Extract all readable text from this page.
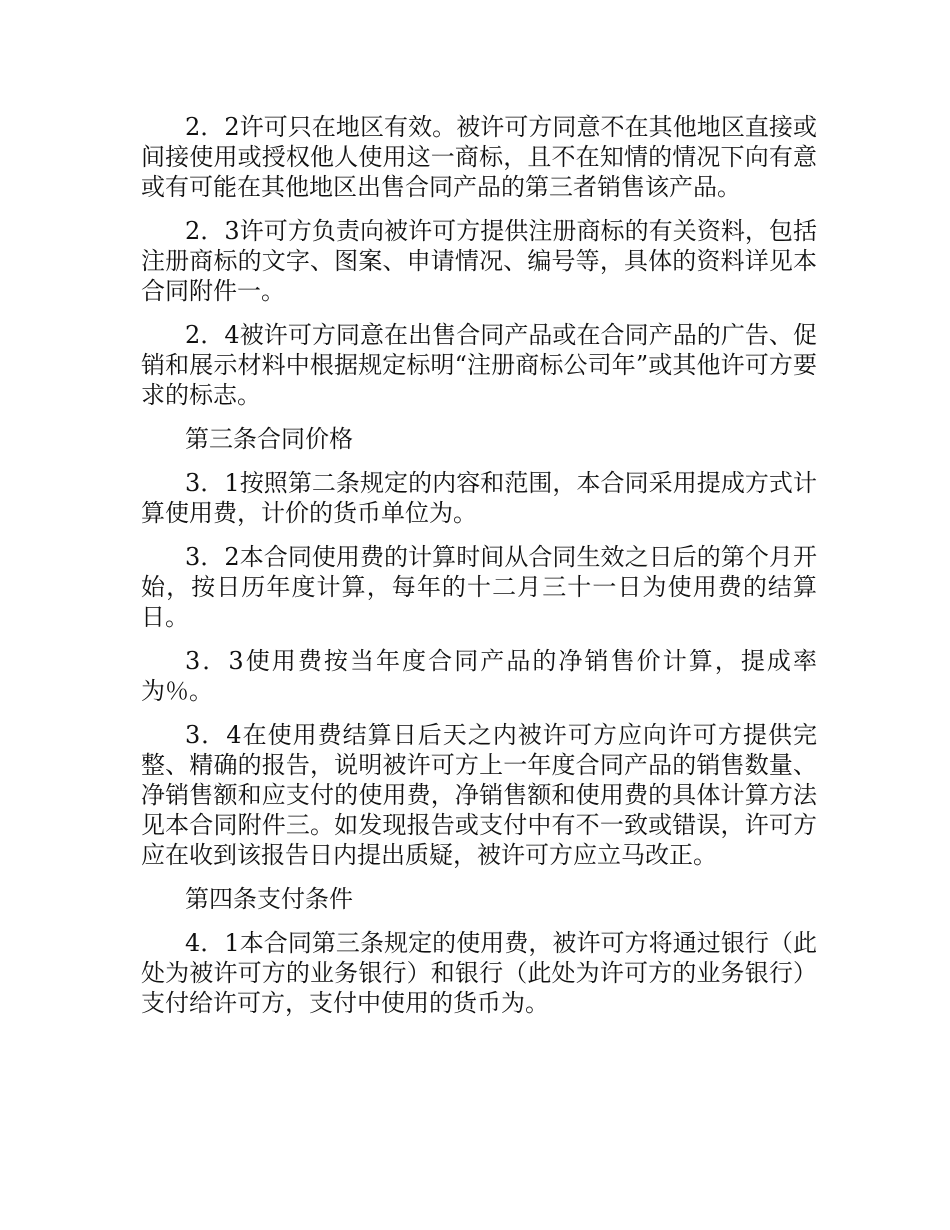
2．2许可只在地区有效。被许可方同意不在其他地区直接或间接使用或授权他人使用这一商标，且不在知情的情况下向有意或有可能在其他地区出售合同产品的第三者销售该产品。

2．3许可方负责向被许可方提供注册商标的有关资料，包括注册商标的文字、图案、申请情况、编号等，具体的资料详见本合同附件一。

2．4被许可方同意在出售合同产品或在合同产品的广告、促销和展示材料中根据规定标明“注册商标公司年”或其他许可方要求的标志。

第三条合同价格

3．1按照第二条规定的内容和范围，本合同采用提成方式计算使用费，计价的货币单位为。

3．2本合同使用费的计算时间从合同生效之日后的第个月开始，按日历年度计算，每年的十二月三十一日为使用费的结算日。

3．3使用费按当年度合同产品的净销售价计算，提成率为％。

3．4在使用费结算日后天之内被许可方应向许可方提供完整、精确的报告，说明被许可方上一年度合同产品的销售数量、净销售额和应支付的使用费，净销售额和使用费的具体计算方法见本合同附件三。如发现报告或支付中有不一致或错误，许可方应在收到该报告日内提出质疑，被许可方应立马改正。

第四条支付条件

4．1本合同第三条规定的使用费，被许可方将通过银行（此处为被许可方的业务银行）和银行（此处为许可方的业务银行）支付给许可方，支付中使用的货币为。
